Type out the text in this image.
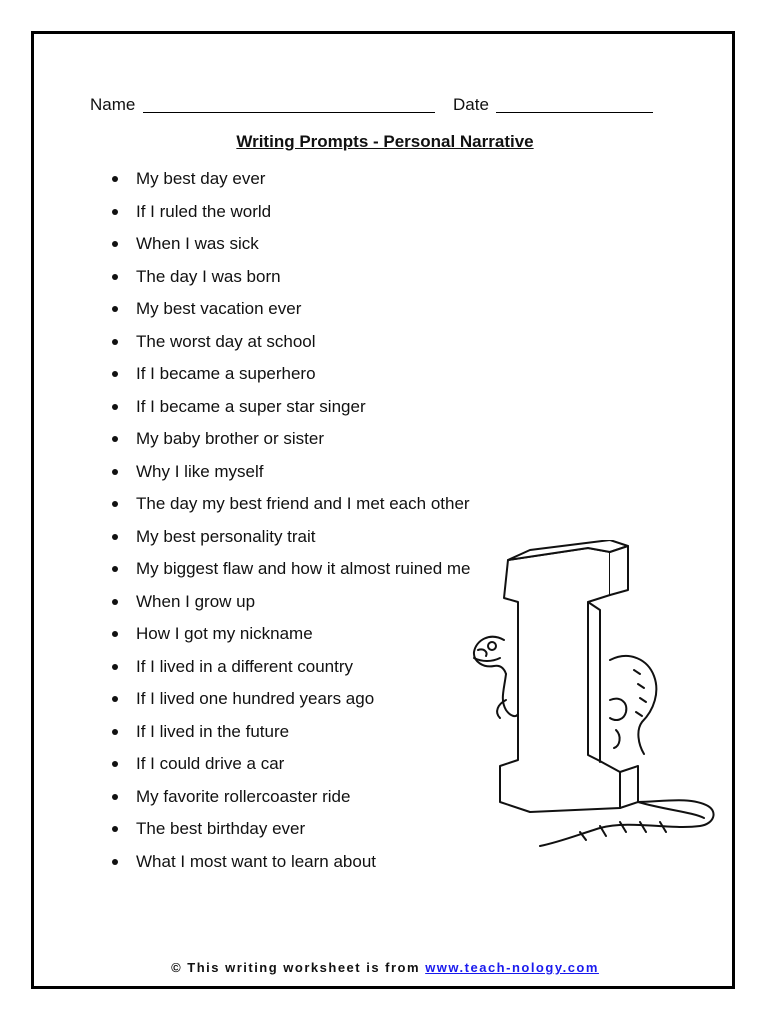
Name	Date
Writing Prompts - Personal Narrative
My best day ever
If I ruled the world
When I was sick
The day I was born
My best vacation ever
The worst day at school
If I became a superhero
If I became a super star singer
My baby brother or sister
Why I like myself
The day my best friend and I met each other
My best personality trait
My biggest flaw and how it almost ruined me
When I grow up
How I got my nickname
If I lived in a different country
If I lived one hundred years ago
If I lived in the future
If I could drive a car
My favorite rollercoaster ride
The best birthday ever
What I most want to learn about
© This writing worksheet is from www.teach-nology.com
